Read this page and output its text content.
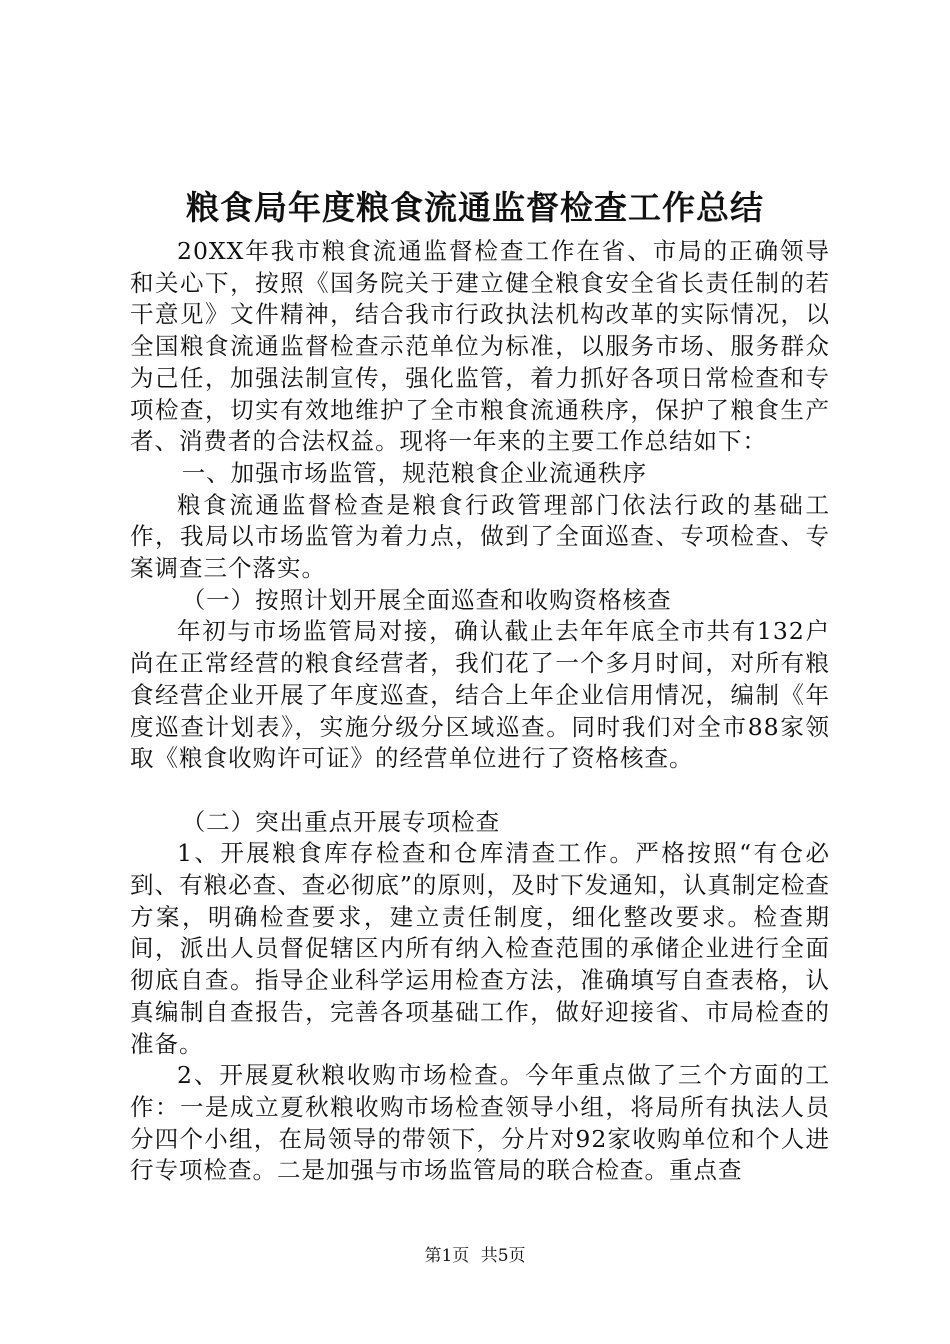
粮食局年度粮食流通监督检查工作总结

20XX年我市粮食流通监督检查工作在省、市局的正确领导和关心下，按照《国务院关于建立健全粮食安全省长责任制的若干意见》文件精神，结合我市行政执法机构改革的实际情况，以全国粮食流通监督检查示范单位为标准，以服务市场、服务群众为己任，加强法制宣传，强化监管，着力抓好各项日常检查和专项检查，切实有效地维护了全市粮食流通秩序，保护了粮食生产者、消费者的合法权益。现将一年来的主要工作总结如下：

一、加强市场监管，规范粮食企业流通秩序

粮食流通监督检查是粮食行政管理部门依法行政的基础工作，我局以市场监管为着力点，做到了全面巡查、专项检查、专案调查三个落实。

（一）按照计划开展全面巡查和收购资格核查

年初与市场监管局对接，确认截止去年年底全市共有132户尚在正常经营的粮食经营者，我们花了一个多月时间，对所有粮食经营企业开展了年度巡查，结合上年企业信用情况，编制《年度巡查计划表》，实施分级分区域巡查。同时我们对全市88家领取《粮食收购许可证》的经营单位进行了资格核查。

（二）突出重点开展专项检查

1、开展粮食库存检查和仓库清查工作。严格按照“有仓必到、有粮必查、查必彻底”的原则，及时下发通知，认真制定检查方案，明确检查要求，建立责任制度，细化整改要求。检查期间，派出人员督促辖区内所有纳入检查范围的承储企业进行全面彻底自查。指导企业科学运用检查方法，准确填写自查表格，认真编制自查报告，完善各项基础工作，做好迎接省、市局检查的准备。

2、开展夏秋粮收购市场检查。今年重点做了三个方面的工作：一是成立夏秋粮收购市场检查领导小组，将局所有执法人员分四个小组，在局领导的带领下，分片对92家收购单位和个人进行专项检查。二是加强与市场监管局的联合检查。重点查

第1页 共5页
